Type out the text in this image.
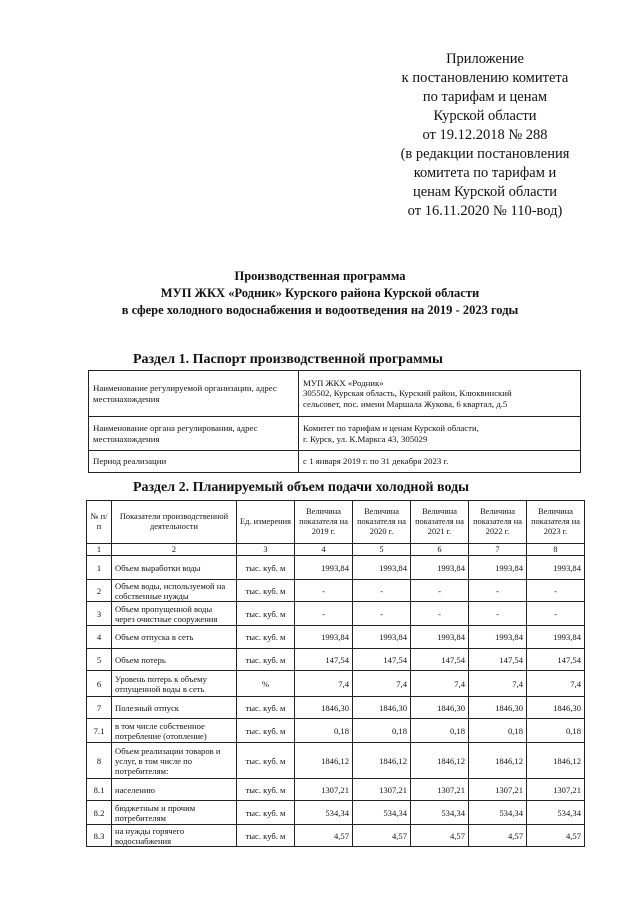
Приложение
к постановлению комитета
по тарифам и ценам
Курской области
от 19.12.2018 № 288
(в редакции постановления
комитета по тарифам и
ценам Курской области
от 16.11.2020 № 110-вод)
Производственная программа
МУП ЖКХ «Родник» Курского района Курской области
в сфере холодного водоснабжения и водоотведения на 2019 - 2023 годы
Раздел 1. Паспорт производственной программы
Наименование регулируемой организации, адрес местонахождения	МУП ЖКХ «Родник»
305502, Курская область, Курский район, Клюквинский
сельсовет, пос. имени Маршала Жукова, 6 квартал, д.5

Наименование органа регулирования, адрес местонахождения	Комитет по тарифам и ценам Курской области,
г. Курск, ул. К.Маркса 43, 305029

Период реализации	с 1 января 2019 г. по 31 декабря 2023 г.
Раздел 2. Планируемый объем подачи холодной воды
№ п/п	Показатели производственной деятельности	Ед. измерения	Величина показателя на 2019 г.	Величина показателя на 2020 г.	Величина показателя на 2021 г.	Величина показателя на 2022 г.	Величина показателя на 2023 г.
1	2	3	4	5	6	7	8
1	Объем выработки воды	тыс. куб. м	1993,84	1993,84	1993,84	1993,84	1993,84
2	Объем воды, используемой на собственные нужды	тыс. куб. м	-	-	-	-	-
3	Объем пропущенной воды через очистные сооружения	тыс. куб. м	-	-	-	-	-
4	Объем отпуска в сеть	тыс. куб. м	1993,84	1993,84	1993,84	1993,84	1993,84
5	Объем потерь	тыс. куб. м	147,54	147,54	147,54	147,54	147,54
6	Уровень потерь к объему отпущенной воды в сеть	%	7,4	7,4	7,4	7,4	7,4
7	Полезный отпуск	тыс. куб. м	1846,30	1846,30	1846,30	1846,30	1846,30
7.1	в том числе собственное потребление (отопление)	тыс. куб. м	0,18	0,18	0,18	0,18	0,18
8	Объем реализации товаров и услуг, в том числе по потребителям:	тыс. куб. м	1846,12	1846,12	1846,12	1846,12	1846,12
8.1	населению	тыс. куб. м	1307,21	1307,21	1307,21	1307,21	1307,21
8.2	бюджетным и прочим потребителям	тыс. куб. м	534,34	534,34	534,34	534,34	534,34
8.3	на нужды горячего водоснабжения	тыс. куб. м	4,57	4,57	4,57	4,57	4,57
